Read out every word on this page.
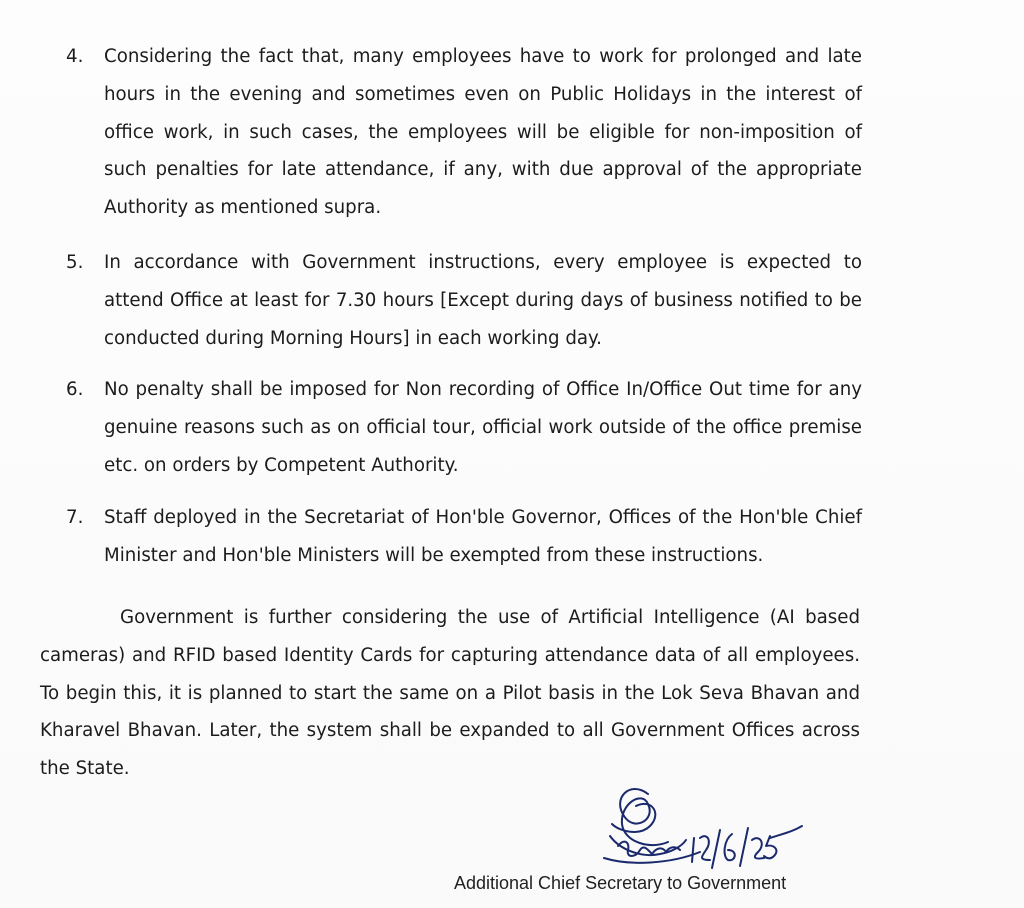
4.	Considering the fact that, many employees have to work for prolonged and late hours in the evening and sometimes even on Public Holidays in the interest of office work, in such cases, the employees will be eligible for non-imposition of such penalties for late attendance, if any, with due approval of the appropriate Authority as mentioned supra.
5.	In accordance with Government instructions, every employee is expected to attend Office at least for 7.30 hours [Except during days of business notified to be conducted during Morning Hours] in each working day.
6.	No penalty shall be imposed for Non recording of Office In/Office Out time for any genuine reasons such as on official tour, official work outside of the office premise etc. on orders by Competent Authority.
7.	Staff deployed in the Secretariat of Hon'ble Governor, Offices of the Hon'ble Chief Minister and Hon'ble Ministers will be exempted from these instructions.
Government is further considering the use of Artificial Intelligence (AI based cameras) and RFID based Identity Cards for capturing attendance data of all employees. To begin this, it is planned to start the same on a Pilot basis in the Lok Seva Bhavan and Kharavel Bhavan. Later, the system shall be expanded to all Government Offices across the State.
Additional Chief Secretary to Government
